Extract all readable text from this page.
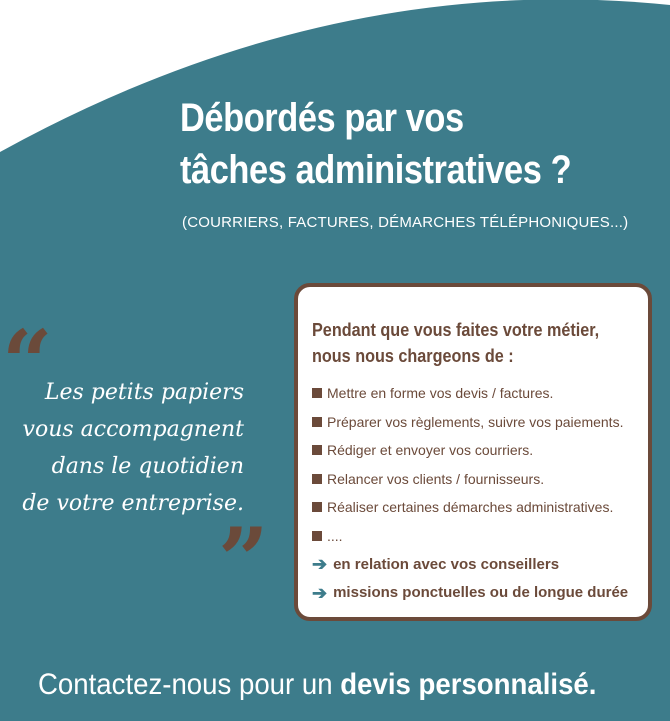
Débordés par vos
tâches administratives ?
(COURRIERS, FACTURES, DÉMARCHES TÉLÉPHONIQUES...)
“
Les petits papiers
vous accompagnent
dans le quotidien
de votre entreprise.
”
Pendant que vous faites votre métier,
nous nous chargeons de :
Mettre en forme vos devis / factures.
Préparer vos règlements, suivre vos paiements.
Rédiger et envoyer vos courriers.
Relancer vos clients / fournisseurs.
Réaliser certaines démarches administratives.
....
➔ en relation avec vos conseillers
➔ missions ponctuelles ou de longue durée
Contactez-nous pour un devis personnalisé.
